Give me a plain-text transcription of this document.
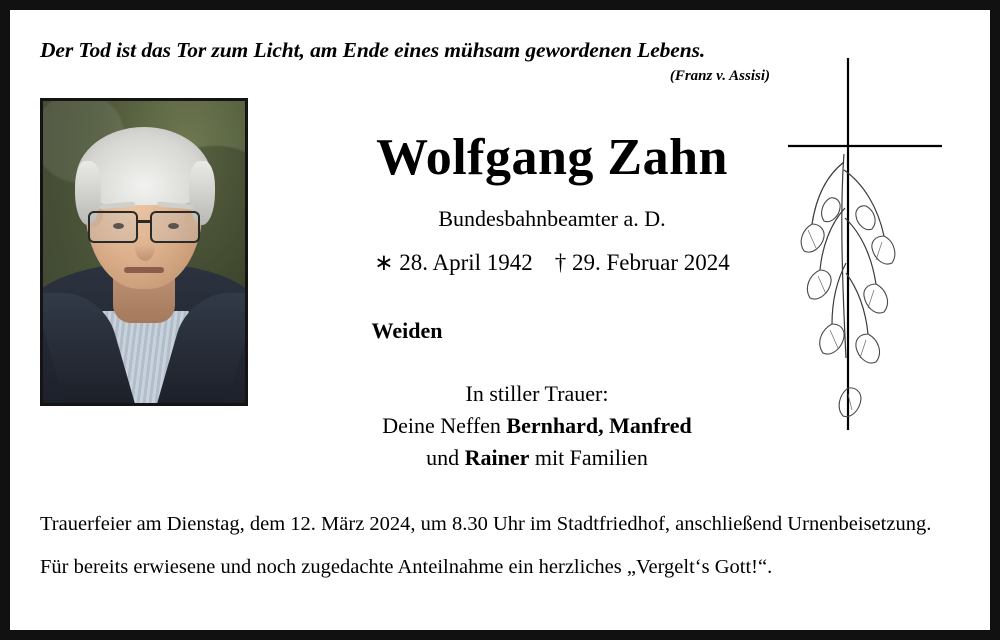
Der Tod ist das Tor zum Licht, am Ende eines mühsam gewordenen Lebens.
(Franz v. Assisi)
Wolfgang Zahn
Bundesbahnbeamter a. D.
∗ 28. April 1942 † 29. Februar 2024
Weiden
In stiller Trauer:
Deine Neffen Bernhard, Manfred
und Rainer mit Familien
Trauerfeier am Dienstag, dem 12. März 2024, um 8.30 Uhr im Stadtfriedhof, anschließend Urnenbeisetzung.
Für bereits erwiesene und noch zugedachte Anteilnahme ein herzliches „Vergelt‘s Gott!“.
